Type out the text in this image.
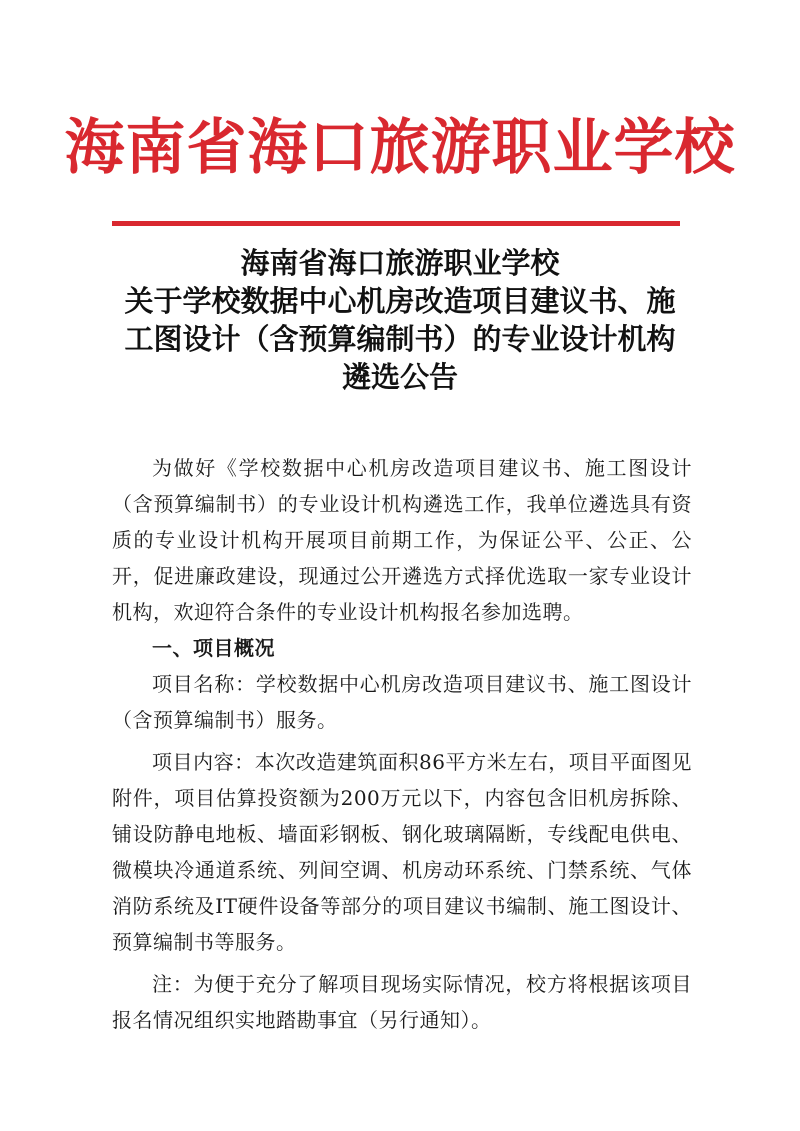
海南省海口旅游职业学校
海南省海口旅游职业学校
关于学校数据中心机房改造项目建议书、施
工图设计（含预算编制书）的专业设计机构
遴选公告

为做好《学校数据中心机房改造项目建议书、施工图设计（含预算编制书）的专业设计机构遴选工作，我单位遴选具有资质的专业设计机构开展项目前期工作，为保证公平、公正、公开，促进廉政建设，现通过公开遴选方式择优选取一家专业设计机构，欢迎符合条件的专业设计机构报名参加选聘。

一、项目概况

项目名称：学校数据中心机房改造项目建议书、施工图设计（含预算编制书）服务。

项目内容：本次改造建筑面积86平方米左右，项目平面图见附件，项目估算投资额为200万元以下，内容包含旧机房拆除、铺设防静电地板、墙面彩钢板、钢化玻璃隔断，专线配电供电、微模块冷通道系统、列间空调、机房动环系统、门禁系统、气体消防系统及IT硬件设备等部分的项目建议书编制、施工图设计、预算编制书等服务。

注：为便于充分了解项目现场实际情况，校方将根据该项目报名情况组织实地踏勘事宜（另行通知）。
